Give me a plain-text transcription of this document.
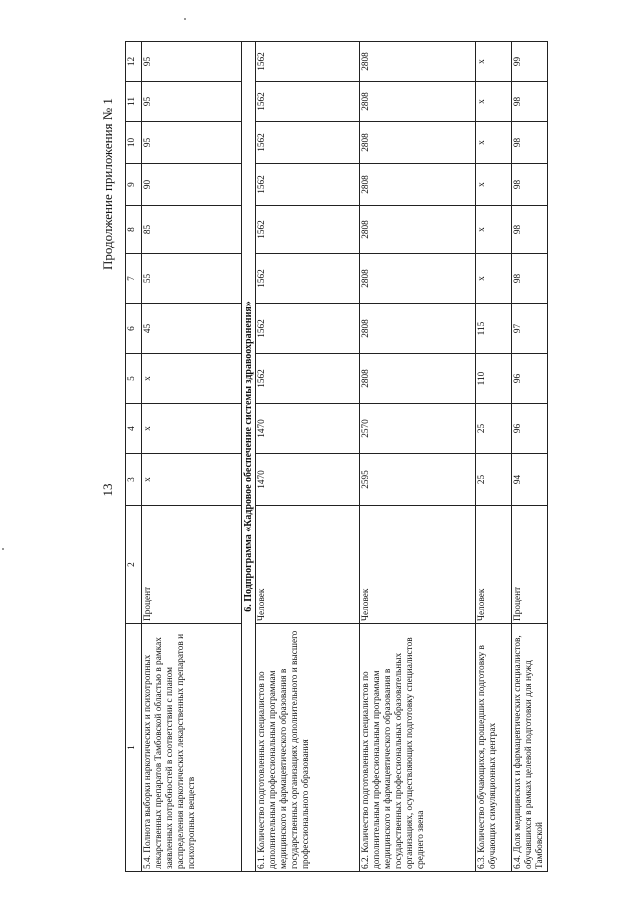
13
Продолжение приложения № 1
1	2	3	4	5	6	7	8	9	10	11	12
5.4. Полнота выборки наркотических и психотропных лекарственных препаратов Тамбовской областью в рамках заявленных потребностей в соответствии с планом распределения наркотических лекарственных препаратов и психотропных веществ	Процент	х	х	х	45	55	85	90	95	95	95
6. Подпрограмма «Кадровое обеспечение системы здравоохранения»											
6.1. Количество подготовленных специалистов по дополнительным профессиональным программам медицинского и фармацевтического образования в государственных организациях дополнительного и высшего профессионального образования	Человек	1470	1470	1562	1562	1562	1562	1562	1562	1562	1562
6.2. Количество подготовленных специалистов по дополнительным профессиональным программам медицинского и фармацевтического образования в государственных профессиональных образовательных организациях, осуществляющих подготовку специалистов среднего звена	Человек	2595	2570	2808	2808	2808	2808	2808	2808	2808	2808
6.3. Количество обучающихся, прошедших подготовку в обучающих симуляционных центрах	Человек	25	25	110	115	х	х	х	х	х	х
6.4. Доля медицинских и фармацевтических специалистов, обучавшихся в рамках целевой подготовки для нужд Тамбовской	Процент	94	96	96	97	98	98	98	98	98	99
